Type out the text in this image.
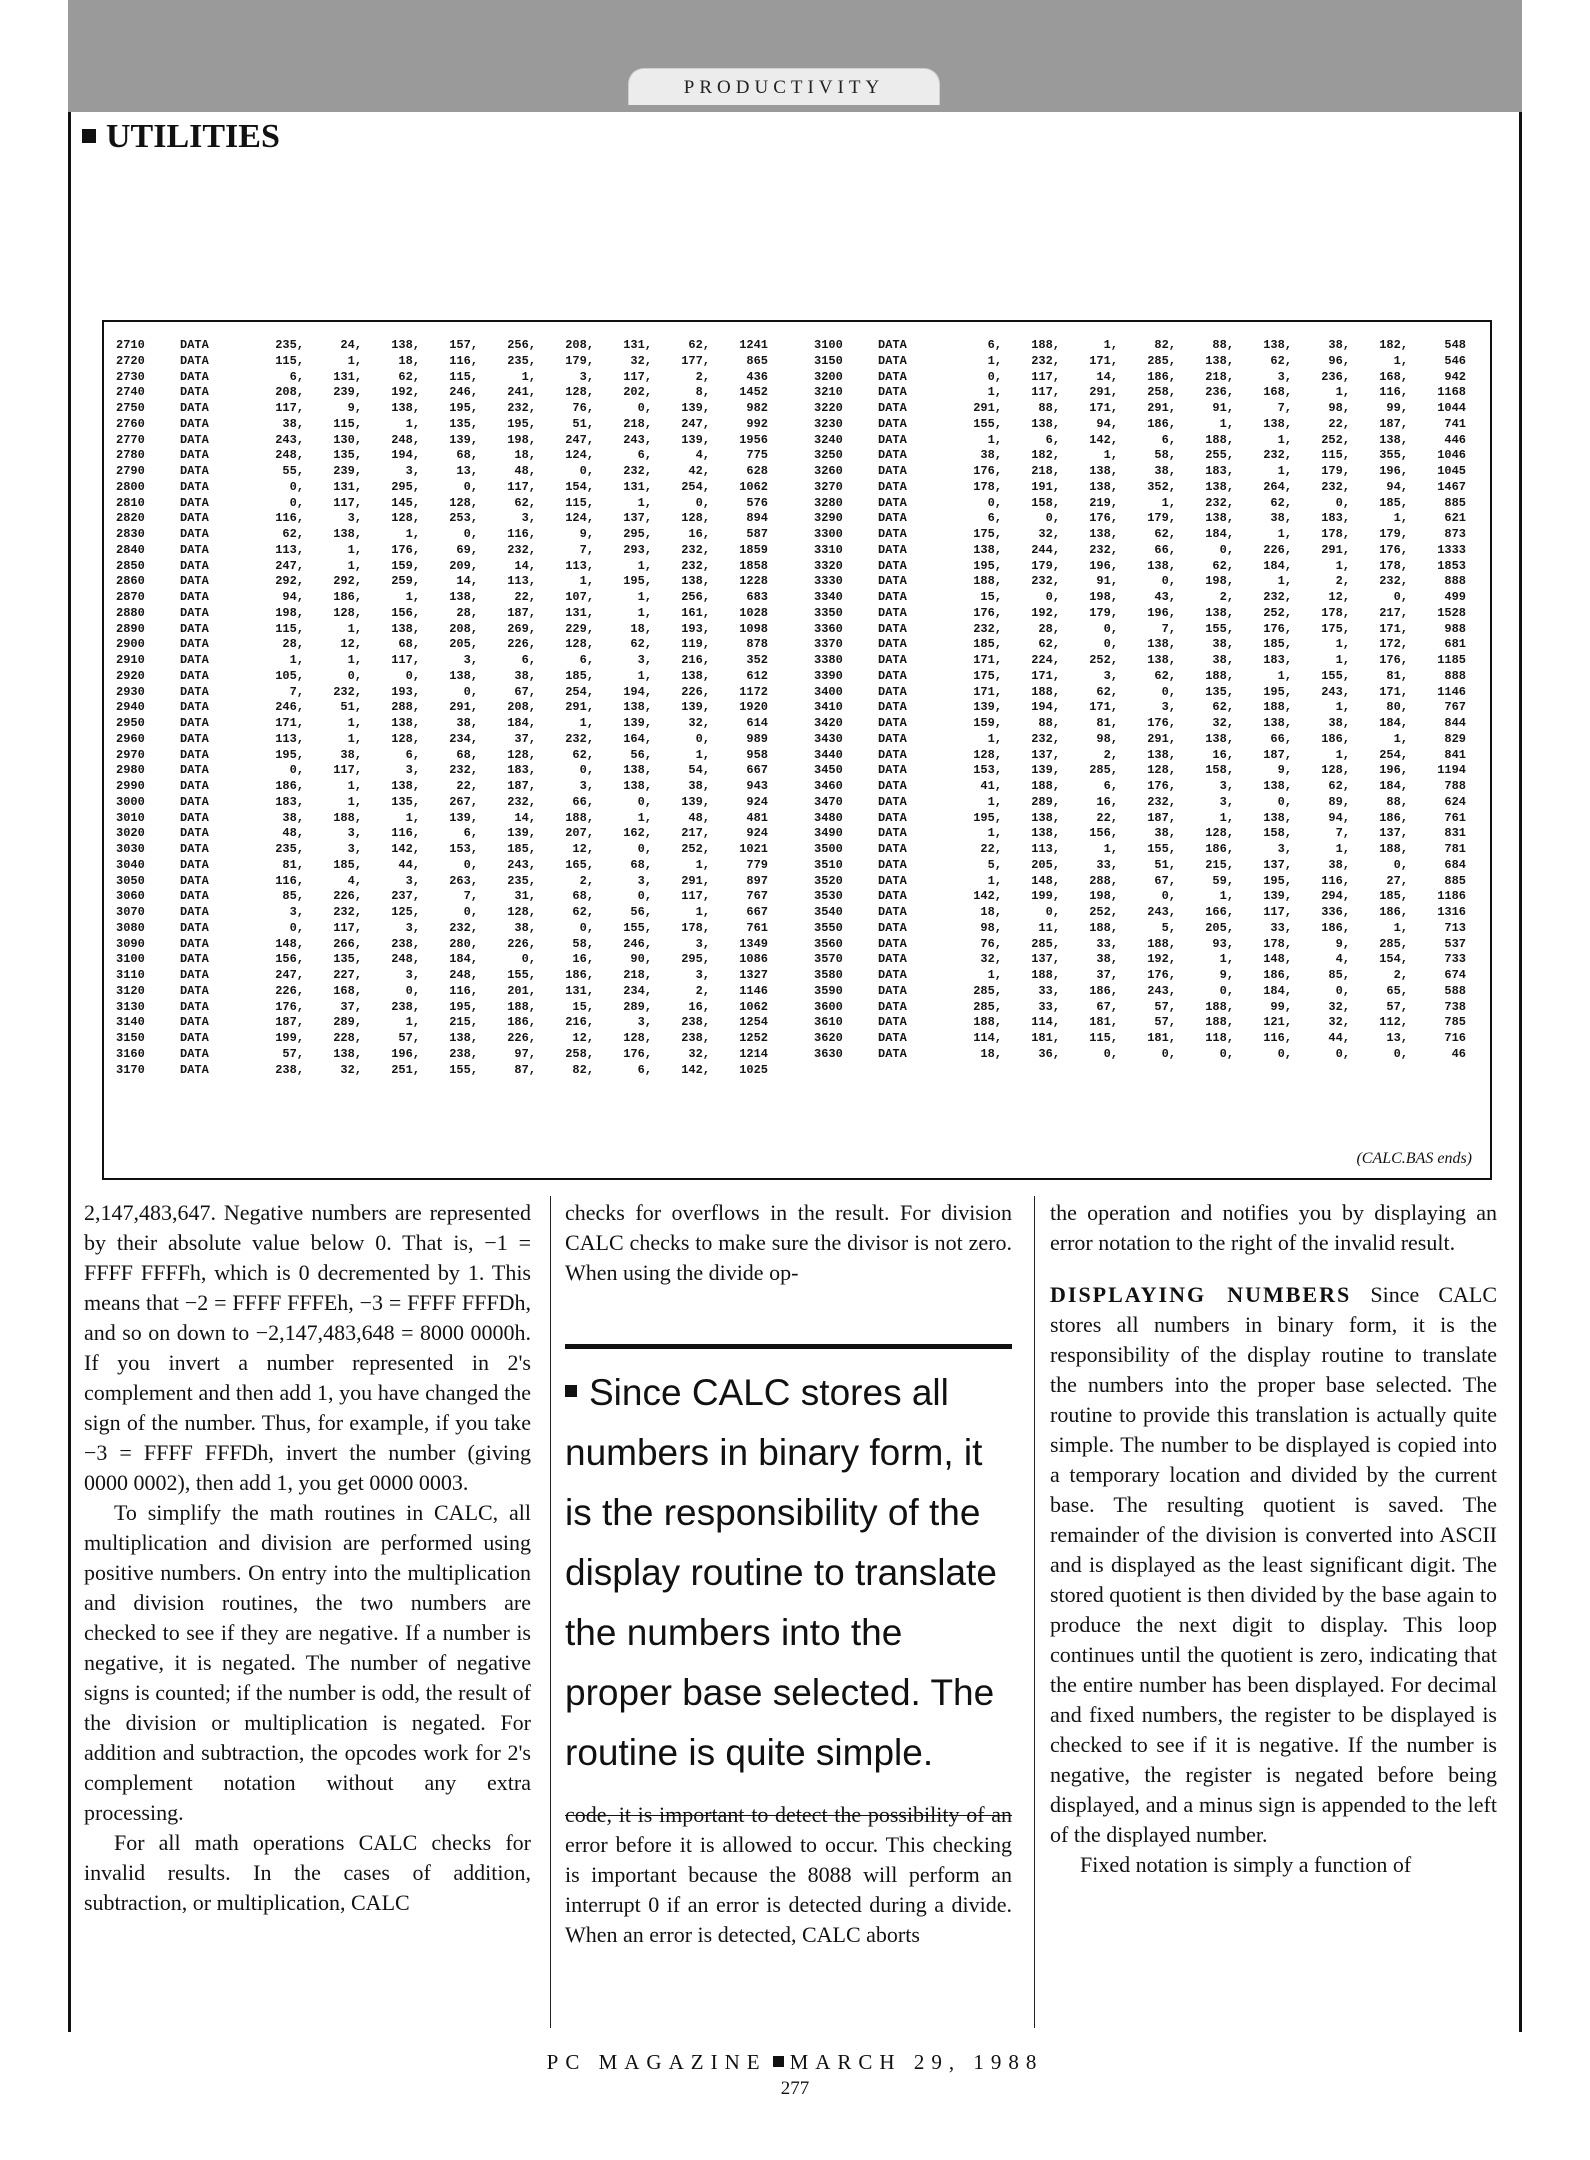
PRODUCTIVITY
UTILITIES
2710	DATA	235,	24,	138,	157,	256,	208,	131,	62,	1241
2720	DATA	115,	1,	18,	116,	235,	179,	32,	177,	865
2730	DATA	6,	131,	62,	115,	1,	3,	117,	2,	436
2740	DATA	208,	239,	192,	246,	241,	128,	202,	8,	1452
2750	DATA	117,	9,	138,	195,	232,	76,	0,	139,	982
2760	DATA	38,	115,	1,	135,	195,	51,	218,	247,	992
2770	DATA	243,	130,	248,	139,	198,	247,	243,	139,	1956
2780	DATA	248,	135,	194,	68,	18,	124,	6,	4,	775
2790	DATA	55,	239,	3,	13,	48,	0,	232,	42,	628
2800	DATA	0,	131,	295,	0,	117,	154,	131,	254,	1062
2810	DATA	0,	117,	145,	128,	62,	115,	1,	0,	576
2820	DATA	116,	3,	128,	253,	3,	124,	137,	128,	894
2830	DATA	62,	138,	1,	0,	116,	9,	295,	16,	587
2840	DATA	113,	1,	176,	69,	232,	7,	293,	232,	1859
2850	DATA	247,	1,	159,	209,	14,	113,	1,	232,	1858
2860	DATA	292,	292,	259,	14,	113,	1,	195,	138,	1228
2870	DATA	94,	186,	1,	138,	22,	107,	1,	256,	683
2880	DATA	198,	128,	156,	28,	187,	131,	1,	161,	1028
2890	DATA	115,	1,	138,	208,	269,	229,	18,	193,	1098
2900	DATA	28,	12,	68,	205,	226,	128,	62,	119,	878
2910	DATA	1,	1,	117,	3,	6,	6,	3,	216,	352
2920	DATA	105,	0,	0,	138,	38,	185,	1,	138,	612
2930	DATA	7,	232,	193,	0,	67,	254,	194,	226,	1172
2940	DATA	246,	51,	288,	291,	208,	291,	138,	139,	1920
2950	DATA	171,	1,	138,	38,	184,	1,	139,	32,	614
2960	DATA	113,	1,	128,	234,	37,	232,	164,	0,	989
2970	DATA	195,	38,	6,	68,	128,	62,	56,	1,	958
2980	DATA	0,	117,	3,	232,	183,	0,	138,	54,	667
2990	DATA	186,	1,	138,	22,	187,	3,	138,	38,	943
3000	DATA	183,	1,	135,	267,	232,	66,	0,	139,	924
3010	DATA	38,	188,	1,	139,	14,	188,	1,	48,	481
3020	DATA	48,	3,	116,	6,	139,	207,	162,	217,	924
3030	DATA	235,	3,	142,	153,	185,	12,	0,	252,	1021
3040	DATA	81,	185,	44,	0,	243,	165,	68,	1,	779
3050	DATA	116,	4,	3,	263,	235,	2,	3,	291,	897
3060	DATA	85,	226,	237,	7,	31,	68,	0,	117,	767
3070	DATA	3,	232,	125,	0,	128,	62,	56,	1,	667
3080	DATA	0,	117,	3,	232,	38,	0,	155,	178,	761
3090	DATA	148,	266,	238,	280,	226,	58,	246,	3,	1349
3100	DATA	156,	135,	248,	184,	0,	16,	90,	295,	1086
3110	DATA	247,	227,	3,	248,	155,	186,	218,	3,	1327
3120	DATA	226,	168,	0,	116,	201,	131,	234,	2,	1146
3130	DATA	176,	37,	238,	195,	188,	15,	289,	16,	1062
3140	DATA	187,	289,	1,	215,	186,	216,	3,	238,	1254
3150	DATA	199,	228,	57,	138,	226,	12,	128,	238,	1252
3160	DATA	57,	138,	196,	238,	97,	258,	176,	32,	1214
3170	DATA	238,	32,	251,	155,	87,	82,	6,	142,	1025
3100	DATA	6,	188,	1,	82,	88,	138,	38,	182,	548
3150	DATA	1,	232,	171,	285,	138,	62,	96,	1,	546
3200	DATA	0,	117,	14,	186,	218,	3,	236,	168,	942
3210	DATA	1,	117,	291,	258,	236,	168,	1,	116,	1168
3220	DATA	291,	88,	171,	291,	91,	7,	98,	99,	1044
3230	DATA	155,	138,	94,	186,	1,	138,	22,	187,	741
3240	DATA	1,	6,	142,	6,	188,	1,	252,	138,	446
3250	DATA	38,	182,	1,	58,	255,	232,	115,	355,	1046
3260	DATA	176,	218,	138,	38,	183,	1,	179,	196,	1045
3270	DATA	178,	191,	138,	352,	138,	264,	232,	94,	1467
3280	DATA	0,	158,	219,	1,	232,	62,	0,	185,	885
3290	DATA	6,	0,	176,	179,	138,	38,	183,	1,	621
3300	DATA	175,	32,	138,	62,	184,	1,	178,	179,	873
3310	DATA	138,	244,	232,	66,	0,	226,	291,	176,	1333
3320	DATA	195,	179,	196,	138,	62,	184,	1,	178,	1853
3330	DATA	188,	232,	91,	0,	198,	1,	2,	232,	888
3340	DATA	15,	0,	198,	43,	2,	232,	12,	0,	499
3350	DATA	176,	192,	179,	196,	138,	252,	178,	217,	1528
3360	DATA	232,	28,	0,	7,	155,	176,	175,	171,	988
3370	DATA	185,	62,	0,	138,	38,	185,	1,	172,	681
3380	DATA	171,	224,	252,	138,	38,	183,	1,	176,	1185
3390	DATA	175,	171,	3,	62,	188,	1,	155,	81,	888
3400	DATA	171,	188,	62,	0,	135,	195,	243,	171,	1146
3410	DATA	139,	194,	171,	3,	62,	188,	1,	80,	767
3420	DATA	159,	88,	81,	176,	32,	138,	38,	184,	844
3430	DATA	1,	232,	98,	291,	138,	66,	186,	1,	829
3440	DATA	128,	137,	2,	138,	16,	187,	1,	254,	841
3450	DATA	153,	139,	285,	128,	158,	9,	128,	196,	1194
3460	DATA	41,	188,	6,	176,	3,	138,	62,	184,	788
3470	DATA	1,	289,	16,	232,	3,	0,	89,	88,	624
3480	DATA	195,	138,	22,	187,	1,	138,	94,	186,	761
3490	DATA	1,	138,	156,	38,	128,	158,	7,	137,	831
3500	DATA	22,	113,	1,	155,	186,	3,	1,	188,	781
3510	DATA	5,	205,	33,	51,	215,	137,	38,	0,	684
3520	DATA	1,	148,	288,	67,	59,	195,	116,	27,	885
3530	DATA	142,	199,	198,	0,	1,	139,	294,	185,	1186
3540	DATA	18,	0,	252,	243,	166,	117,	336,	186,	1316
3550	DATA	98,	11,	188,	5,	205,	33,	186,	1,	713
3560	DATA	76,	285,	33,	188,	93,	178,	9,	285,	537
3570	DATA	32,	137,	38,	192,	1,	148,	4,	154,	733
3580	DATA	1,	188,	37,	176,	9,	186,	85,	2,	674
3590	DATA	285,	33,	186,	243,	0,	184,	0,	65,	588
3600	DATA	285,	33,	67,	57,	188,	99,	32,	57,	738
3610	DATA	188,	114,	181,	57,	188,	121,	32,	112,	785
3620	DATA	114,	181,	115,	181,	118,	116,	44,	13,	716
3630	DATA	18,	36,	0,	0,	0,	0,	0,	0,	46
(CALC.BAS ends)

2,147,483,647. Negative numbers are represented by their absolute value below 0. That is, −1 = FFFF FFFFh, which is 0 decremented by 1. This means that −2 = FFFF FFFEh, −3 = FFFF FFFDh, and so on down to −2,147,483,648 = 8000 0000h. If you invert a number represented in 2's complement and then add 1, you have changed the sign of the number. Thus, for example, if you take −3 = FFFF FFFDh, invert the number (giving 0000 0002), then add 1, you get 0000 0003.

To simplify the math routines in CALC, all multiplication and division are performed using positive numbers. On entry into the multiplication and division routines, the two numbers are checked to see if they are negative. If a number is negative, it is negated. The number of negative signs is counted; if the number is odd, the result of the division or multiplication is negated. For addition and subtraction, the opcodes work for 2's complement notation without any extra processing.

For all math operations CALC checks for invalid results. In the cases of addition, subtraction, or multiplication, CALC

checks for overflows in the result. For division CALC checks to make sure the divisor is not zero. When using the divide op-

Since CALC stores all numbers in binary form, it is the responsibility of the display routine to translate the numbers into the proper base selected. The routine is quite simple.

code, it is important to detect the possibility of an error before it is allowed to occur. This checking is important because the 8088 will perform an interrupt 0 if an error is detected during a divide. When an error is detected, CALC aborts

the operation and notifies you by displaying an error notation to the right of the invalid result.

DISPLAYING NUMBERS Since CALC stores all numbers in binary form, it is the responsibility of the display routine to translate the numbers into the proper base selected. The routine to provide this translation is actually quite simple. The number to be displayed is copied into a temporary location and divided by the current base. The resulting quotient is saved. The remainder of the division is converted into ASCII and is displayed as the least significant digit. The stored quotient is then divided by the base again to produce the next digit to display. This loop continues until the quotient is zero, indicating that the entire number has been displayed. For decimal and fixed numbers, the register to be displayed is checked to see if it is negative. If the number is negative, the register is negated before being displayed, and a minus sign is appended to the left of the displayed number.

Fixed notation is simply a function of

PC MAGAZINE MARCH 29, 1988
277
